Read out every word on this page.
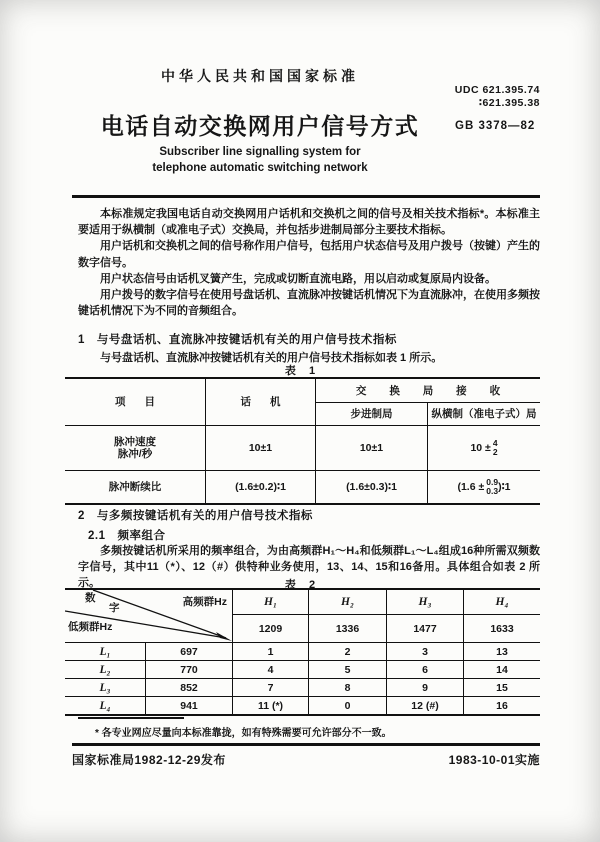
中华人民共和国国家标准
UDC 621.395.74
∶621.395.38
电话自动交换网用户信号方式	GB 3378—82
Subscriber line signalling system for
telephone automatic switching network

本标准规定我国电话自动交换网用户话机和交换机之间的信号及相关技术指标*。本标准主要适用于纵横制（或准电子式）交换局，并包括步进制局部分主要技术指标。

用户话机和交换机之间的信号称作用户信号，包括用户状态信号及用户拨号（按键）产生的数字信号。

用户状态信号由话机叉簧产生，完成或切断直流电路，用以启动或复原局内设备。

用户拨号的数字信号在使用号盘话机、直流脉冲按键话机情况下为直流脉冲，在使用多频按键话机情况下为不同的音频组合。

1　与号盘话机、直流脉冲按键话机有关的用户信号技术指标
与号盘话机、直流脉冲按键话机有关的用户信号技术指标如表 1 所示。
表 1
项 目	话 机
交 换 局 接 收
步进制局	纵横制（准电子式）局
脉冲速度
脉冲/秒	10±1	10±1	10 ± 4
2
脉冲断续比	(1.6±0.2)∶1	(1.6±0.3)∶1	(1.6 ± 0.9
0.3 )∶1
2　与多频按键话机有关的用户信号技术指标
2.1　频率组合
多频按键话机所采用的频率组合，为由高频群H₁～H₄和低频群L₁～L₄组成16种所需双频数字信号，其中11（*）、12（#）供特种业务使用，13、14、15和16备用。具体组合如表 2 所示。	表 2
数
字	高频群Hz
低频群Hz
H₁	H₂	H₃	H₄
1209	1336	1477	1633
L₁	697	1	2	3	13
L₂	770	4	5	6	14
L₃	852	7	8	9	15
L₄	941	11 (*)	0	12 (#)	16
* 各专业网应尽量向本标准靠拢，如有特殊需要可允许部分不一致。
国家标准局1982-12-29发布	1983-10-01实施
